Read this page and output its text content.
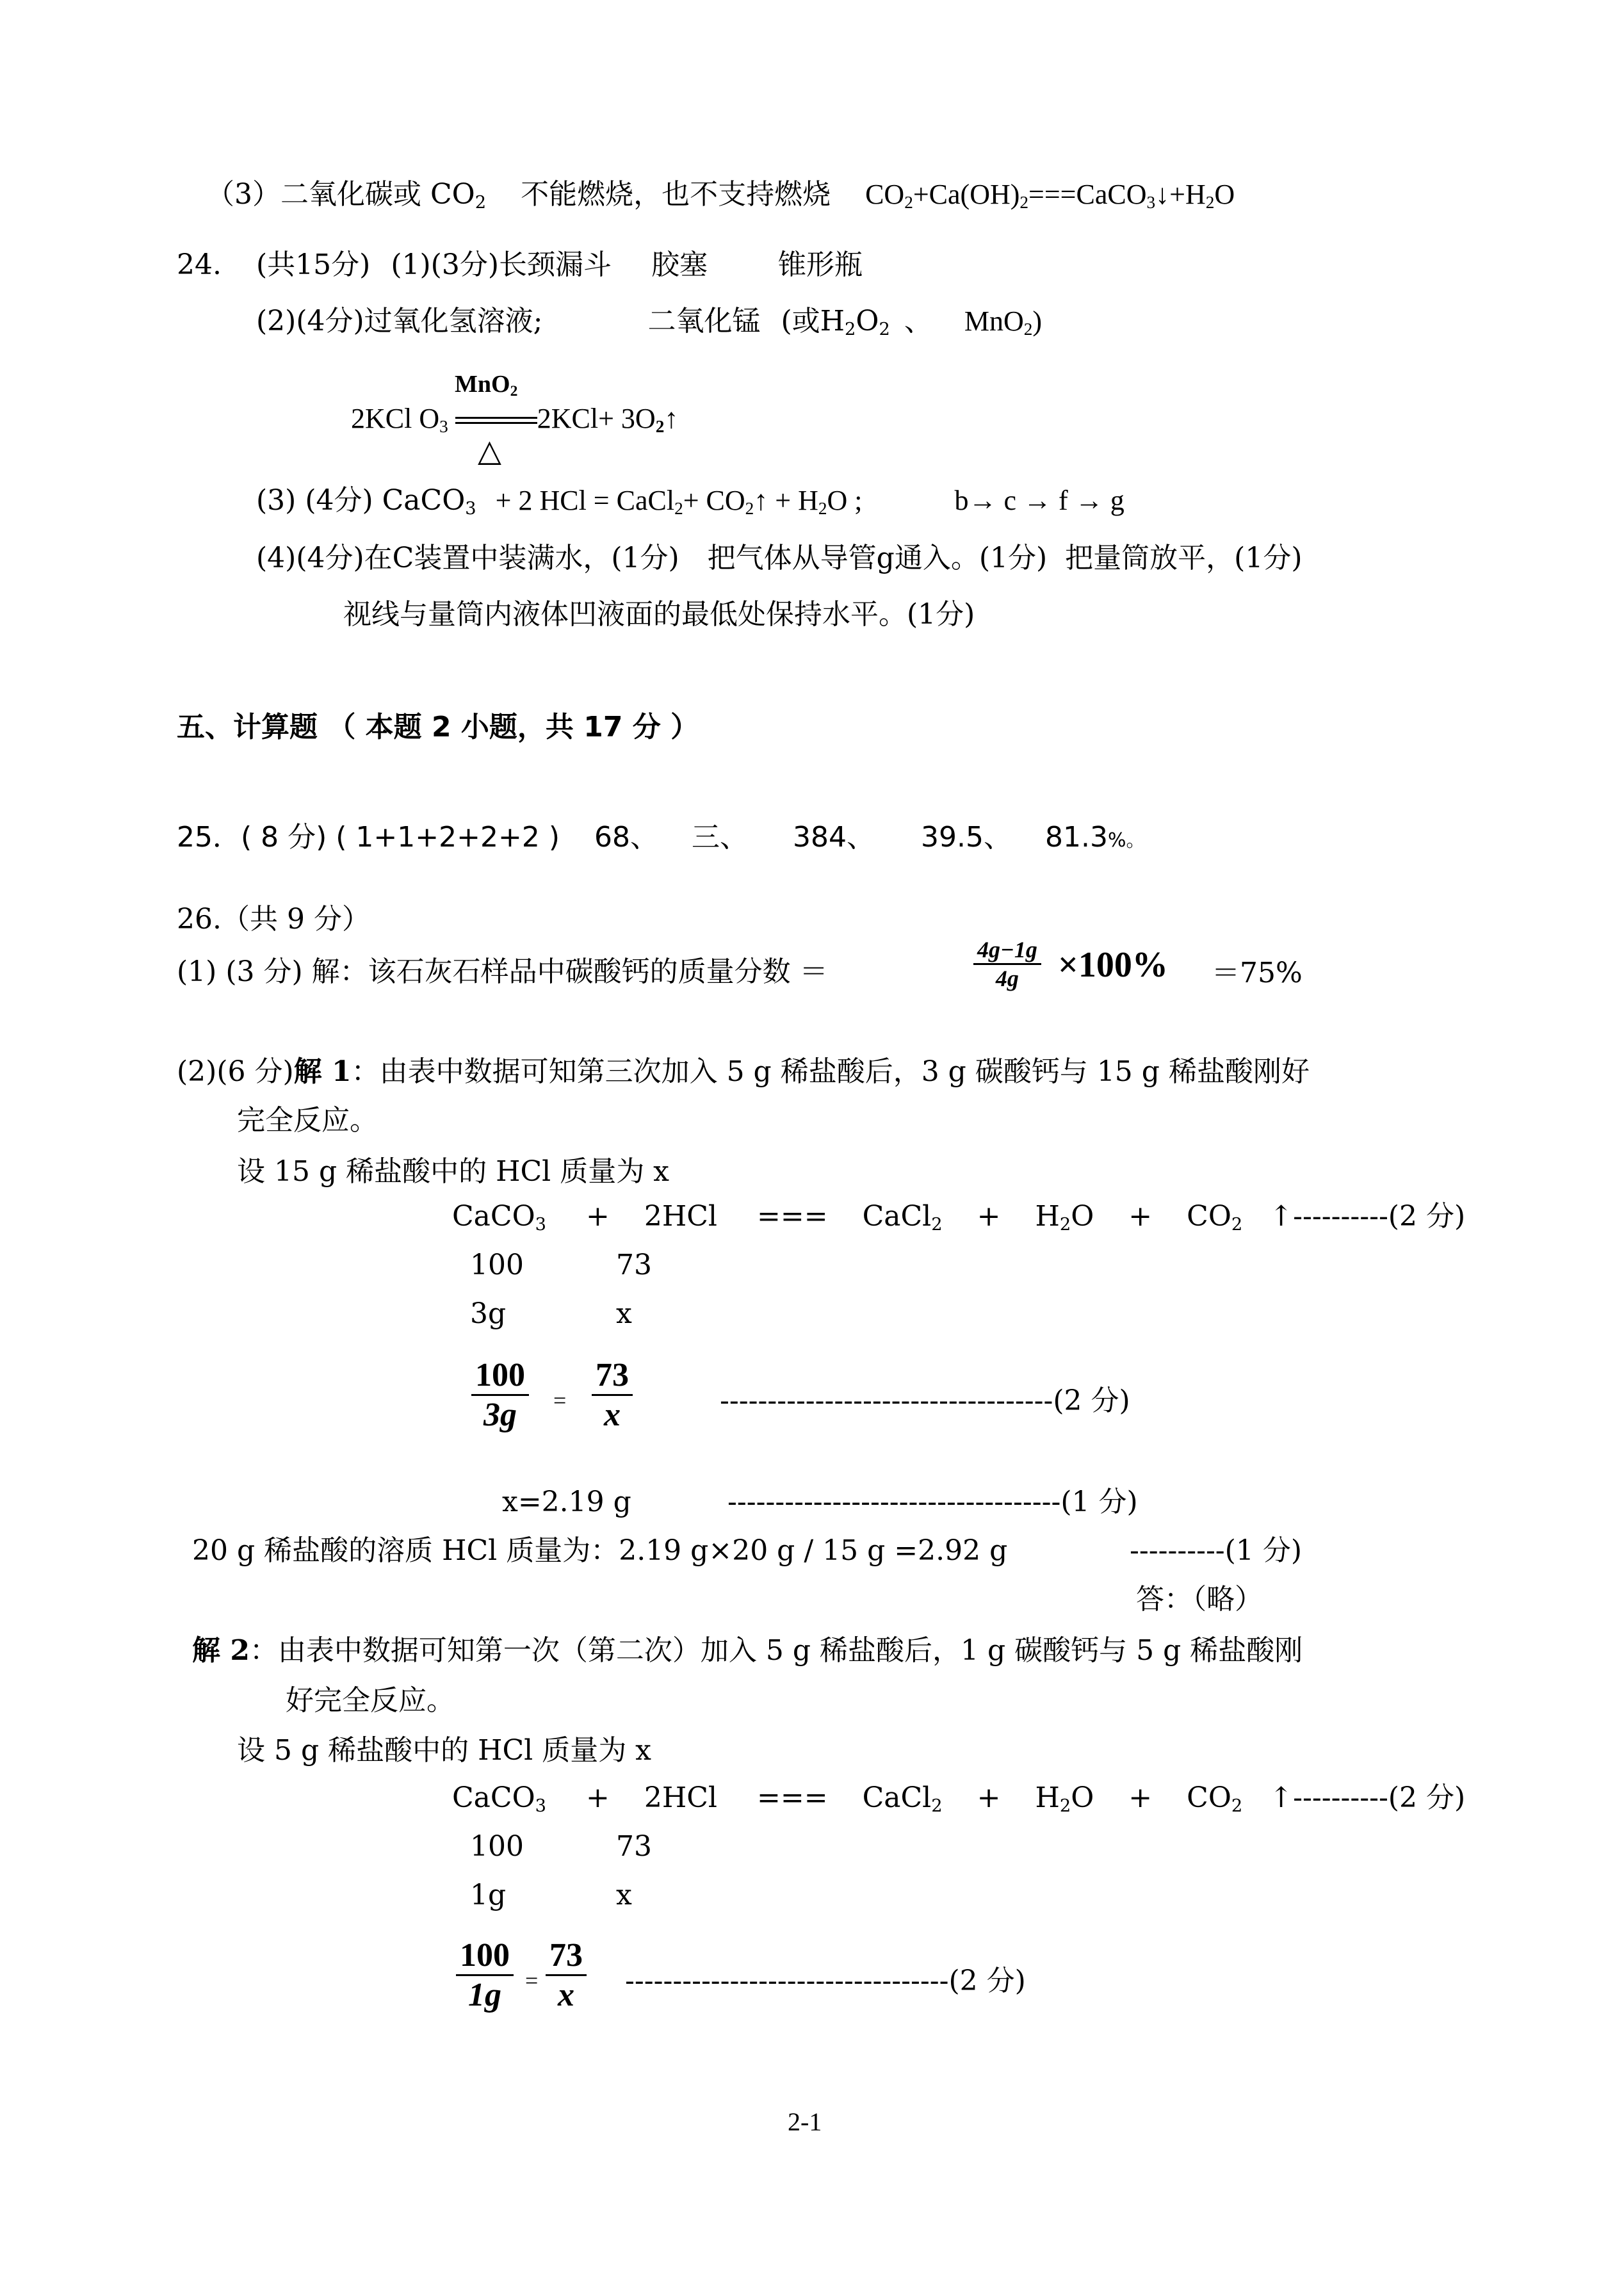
（3）二氧化碳或 $CO_2$ 不能燃烧，也不支持燃烧 $CO_2+Ca(OH)_2===CaCO_3↓+H_2O$
24. (共15分) (1)(3分)长颈漏斗 胶塞	锥形瓶
(2)(4分)过氧化氢溶液;	二氧化锰 (或$H_2O_2$ 、 MnO$_2$)
MnO$_2$
2KCl $O_3$	$2KCl+ 3O_2↑$
△
(3) (4分) CaCO$_3$ + 2 HCl = CaCl$_2$+ $CO_2↑ + H_2O$ ;	b→ c → f → g
(4)(4分)在C装置中装满水，(1分) 把气体从导管g通入。(1分) 把量筒放平，(1分)
视线与量筒内液体凹液面的最低处保持水平。(1分)
五、计算题 （ 本题 2 小题，共 17 分 ）
25．( 8 分) ( 1+1+2+2+2 ) 68、 三、 384、 39.5、 81.3%。
26.（共 9 分）
(1) (3 分) 解：该石灰石样品中碳酸钙的质量分数 ＝
4g−1g
4g ×100% ＝75%
(2)(6 分)解 1：由表中数据可知第三次加入 5 g 稀盐酸后，3 g 碳酸钙与 15 g 稀盐酸刚好
完全反应。
设 15 g 稀盐酸中的 HCl 质量为 x
CaCO$_3$ + 2HCl === CaCl$_2$ + $H_2O + CO_2$ ↑----------(2 分)
100	73
3g	x
100
3g =
73
x	-----------------------------------(2 分)
x=2.19 g	-----------------------------------(1 分)
20 g 稀盐酸的溶质 HCl 质量为：2.19 g×20 g / 15 g =2.92 g	----------(1 分)
答：（略）
解 2：由表中数据可知第一次（第二次）加入 5 g 稀盐酸后，1 g 碳酸钙与 5 g 稀盐酸刚
好完全反应。
设 5 g 稀盐酸中的 HCl 质量为 x
CaCO$_3$ + 2HCl === CaCl$_2$ + $H_2O + CO_2$ ↑----------(2 分)
100	73
1g	x
100
1g =
73
x ----------------------------------(2 分)
2-1
